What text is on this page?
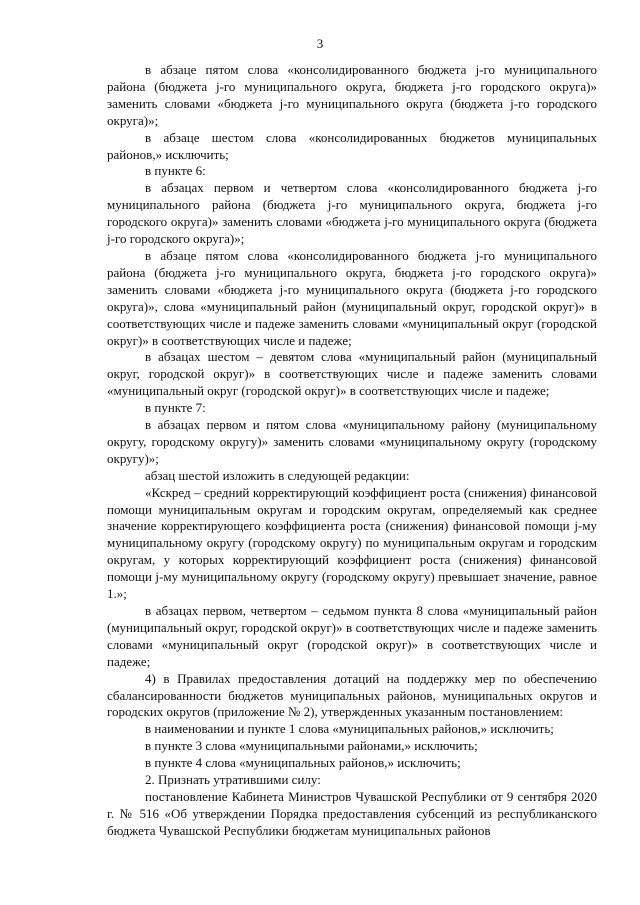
3

в абзаце пятом слова «консолидированного бюджета j-го муниципального района (бюджета j-го муниципального округа, бюджета j-го городского округа)» заменить словами «бюджета j-го муниципального округа (бюджета j-го городского округа)»;

в абзаце шестом слова «консолидированных бюджетов муниципальных районов,» исключить;

в пункте 6:

в абзацах первом и четвертом слова «консолидированного бюджета j-го муниципального района (бюджета j-го муниципального округа, бюджета j-го городского округа)» заменить словами «бюджета j-го муниципального округа (бюджета j-го городского округа)»;

в абзаце пятом слова «консолидированного бюджета j-го муниципального района (бюджета j-го муниципального округа, бюджета j-го городского округа)» заменить словами «бюджета j-го муниципального округа (бюджета j-го городского округа)», слова «муниципальный район (муниципальный округ, городской округ)» в соответствующих числе и падеже заменить словами «муниципальный округ (городской округ)» в соответствующих числе и падеже;

в абзацах шестом – девятом слова «муниципальный район (муниципальный округ, городской округ)» в соответствующих числе и падеже заменить словами «муниципальный округ (городской округ)» в соответствующих числе и падеже;

в пункте 7:

в абзацах первом и пятом слова «муниципальному району (муниципальному округу, городскому округу)» заменить словами «муниципальному округу (городскому округу)»;

абзац шестой изложить в следующей редакции:

«Кскред – средний корректирующий коэффициент роста (снижения) финансовой помощи муниципальным округам и городским округам, определяемый как среднее значение корректирующего коэффициента роста (снижения) финансовой помощи j-му муниципальному округу (городскому округу) по муниципальным округам и городским округам, у которых корректирующий коэффициент роста (снижения) финансовой помощи j-му муниципальному округу (городскому округу) превышает значение, равное 1.»;

в абзацах первом, четвертом – седьмом пункта 8 слова «муниципальный район (муниципальный округ, городской округ)» в соответствующих числе и падеже заменить словами «муниципальный округ (городской округ)» в соответствующих числе и падеже;

4) в Правилах предоставления дотаций на поддержку мер по обеспечению сбалансированности бюджетов муниципальных районов, муниципальных округов и городских округов (приложение № 2), утвержденных указанным постановлением:

в наименовании и пункте 1 слова «муниципальных районов,» исключить;

в пункте 3 слова «муниципальными районами,» исключить;

в пункте 4 слова «муниципальных районов,» исключить;

2. Признать утратившими силу:

постановление Кабинета Министров Чувашской Республики от 9 сентября 2020 г. № 516 «Об утверждении Порядка предоставления субсенций из республиканского бюджета Чувашской Республики бюджетам муниципальных районов
